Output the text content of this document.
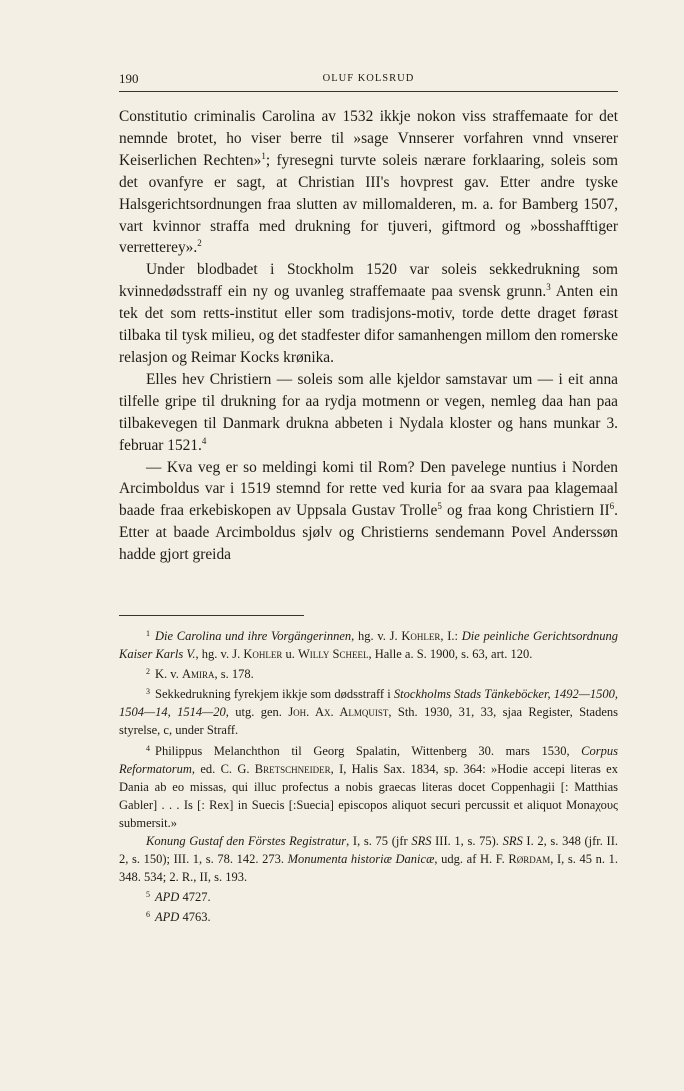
190	OLUF KOLSRUD

Constitutio criminalis Carolina av 1532 ikkje nokon viss straffemaate for det nemnde brotet, ho viser berre til »sage Vnnserer vorfahren vnnd vnserer Keiserlichen Rechten»$^1$; fyresegni turvte soleis nærare forklaaring, soleis som det ovanfyre er sagt, at Christian III's hovprest gav. Etter andre tyske Halsgerichtsordnungen fraa slutten av millomalderen, m. a. for Bamberg 1507, vart kvinnor straffa med drukning for tjuveri, giftmord og »bosshafftiger verretterey».$^2$

Under blodbadet i Stockholm 1520 var soleis sekkedrukning som kvinnedødsstraff ein ny og uvanleg straffemaate paa svensk grunn.$^3$ Anten ein tek det som retts-institut eller som tradisjons-motiv, torde dette draget førast tilbaka til tysk milieu, og det stadfester difor samanhengen millom den romerske relasjon og Reimar Kocks krønika.

Elles hev Christiern — soleis som alle kjeldor samstavar um — i eit anna tilfelle gripe til drukning for aa rydja motmenn or vegen, nemleg daa han paa tilbakevegen til Danmark drukna abbeten i Nydala kloster og hans munkar 3. februar 1521.$^4$

— Kva veg er so meldingi komi til Rom? Den pavelege nuntius i Norden Arcimboldus var i 1519 stemnd for rette ved kuria for aa svara paa klagemaal baade fraa erkebiskopen av Uppsala Gustav Trolle$^5$ og fraa kong Christiern $II^6$. Etter at baade Arcimboldus sjølv og Christierns sendemann Povel Anderssøn hadde gjort greida

$^1$ Die Carolina und ihre Vorgängerinnen, hg. v. J. Kohler, I.: Die peinliche Gerichtsordnung Kaiser Karls V., hg. v. J. Kohler u. Willy Scheel, Halle a. S. 1900, s. 63, art. 120.

$^2$ K. v. Amira, s. 178.

$^3$ Sekkedrukning fyrekjem ikkje som dødsstraff i Stockholms Stads Tänkeböcker, 1492—1500, 1504—14, 1514—20, utg. gen. Joh. Ax. Almquist, Sth. 1930, 31, 33, sjaa Register, Stadens styrelse, c, under Straff.

$^4$ Philippus Melanchthon til Georg Spalatin, Wittenberg 30. mars 1530, Corpus Reformatorum, ed. C. G. Bretschneider, I, Halis Sax. 1834, sp. 364: »Hodie accepi literas ex Dania ab eo missas, qui illuc profectus a nobis graecas literas docet Coppenhagii [: Matthias Gabler] . . . Is [: Rex] in Suecis [:Suecia] episcopos aliquot securi percussit et aliquot Monaχους submersit.»

Konung Gustaf den Förstes Registratur, I, s. 75 (jfr SRS III. 1, s. 75). SRS I. 2, s. 348 (jfr. II. 2, s. 150); III. 1, s. 78. 142. 273. Monumenta historiæ Danicæ, udg. af H. F. Rørdam, I, s. 45 n. 1. 348. 534; 2. R., II, s. 193.

$^5$ APD 4727.

$^6$ APD 4763.
